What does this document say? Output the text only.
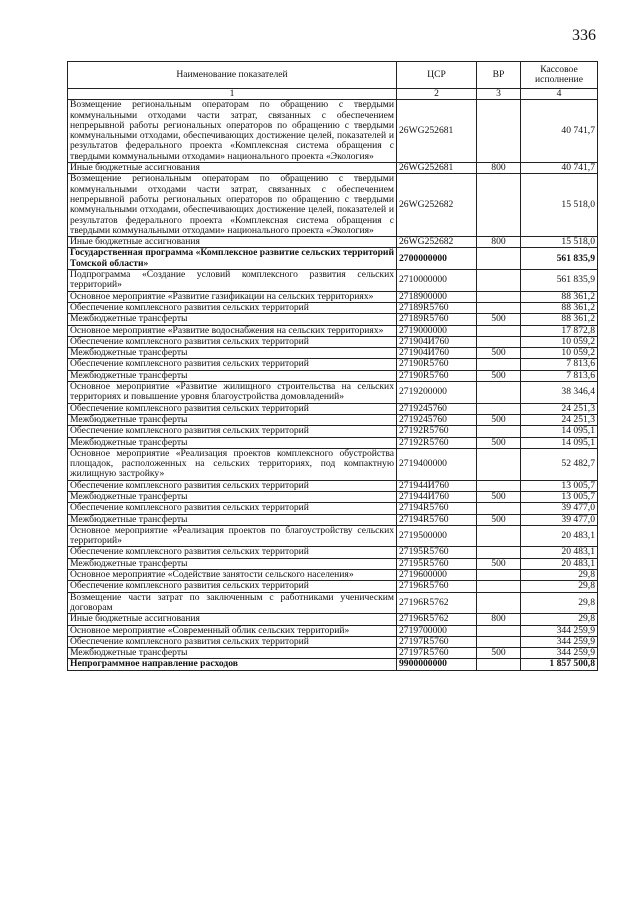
336
Наименование показателей	ЦСР	ВР	Кассовое исполнение
1	2	3	4
Возмещение региональным операторам по обращению с твердыми коммунальными отходами части затрат, связанных с обеспечением непрерывной работы региональных операторов по обращению с твердыми коммунальными отходами, обеспечивающих достижение целей, показателей и результатов федерального проекта «Комплексная система обращения с твердыми коммунальными отходами» национального проекта «Экология»	26WG252681		40 741,7
Иные бюджетные ассигнования	26WG252681	800	40 741,7
Возмещение региональным операторам по обращению с твердыми коммунальными отходами части затрат, связанных с обеспечением непрерывной работы региональных операторов по обращению с твердыми коммунальными отходами, обеспечивающих достижение целей, показателей и результатов федерального проекта «Комплексная система обращения с твердыми коммунальными отходами» национального проекта «Экология»	26WG252682		15 518,0
Иные бюджетные ассигнования	26WG252682	800	15 518,0
Государственная программа «Комплексное развитие сельских территорий Томской области»	2700000000		561 835,9
Подпрограмма «Создание условий комплексного развития сельских территорий»	2710000000		561 835,9
Основное мероприятие «Развитие газификации на сельских территориях»	2718900000		88 361,2
Обеспечение комплексного развития сельских территорий	27189R5760		88 361,2
Межбюджетные трансферты	27189R5760	500	88 361,2
Основное мероприятие «Развитие водоснабжения на сельских территориях»	2719000000		17 872,8
Обеспечение комплексного развития сельских территорий	271904И760		10 059,2
Межбюджетные трансферты	271904И760	500	10 059,2
Обеспечение комплексного развития сельских территорий	27190R5760		7 813,6
Межбюджетные трансферты	27190R5760	500	7 813,6
Основное мероприятие «Развитие жилищного строительства на сельских территориях и повышение уровня благоустройства домовладений»	2719200000		38 346,4
Обеспечение комплексного развития сельских территорий	2719245760		24 251,3
Межбюджетные трансферты	2719245760	500	24 251,3
Обеспечение комплексного развития сельских территорий	27192R5760		14 095,1
Межбюджетные трансферты	27192R5760	500	14 095,1
Основное мероприятие «Реализация проектов комплексного обустройства площадок, расположенных на сельских территориях, под компактную жилищную застройку»	2719400000		52 482,7
Обеспечение комплексного развития сельских территорий	271944И760		13 005,7
Межбюджетные трансферты	271944И760	500	13 005,7
Обеспечение комплексного развития сельских территорий	27194R5760		39 477,0
Межбюджетные трансферты	27194R5760	500	39 477,0
Основное мероприятие «Реализация проектов по благоустройству сельских территорий»	2719500000		20 483,1
Обеспечение комплексного развития сельских территорий	27195R5760		20 483,1
Межбюджетные трансферты	27195R5760	500	20 483,1
Основное мероприятие «Содействие занятости сельского населения»	2719600000		29,8
Обеспечение комплексного развития сельских территорий	27196R5760		29,8
Возмещение части затрат по заключенным с работниками ученическим договорам	27196R5762		29,8
Иные бюджетные ассигнования	27196R5762	800	29,8
Основное мероприятие «Современный облик сельских территорий»	2719700000		344 259,9
Обеспечение комплексного развития сельских территорий	27197R5760		344 259,9
Межбюджетные трансферты	27197R5760	500	344 259,9
Непрограммное направление расходов	9900000000		1 857 500,8
